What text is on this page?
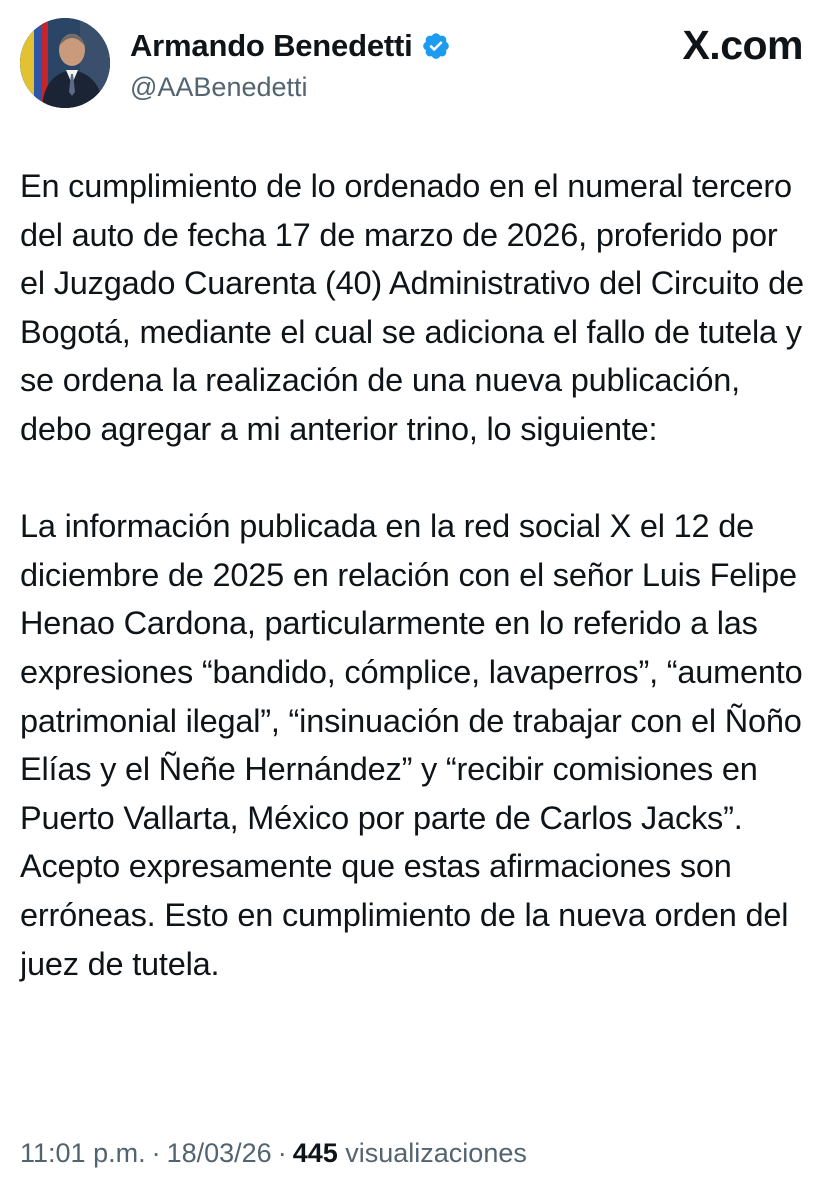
Armando Benedetti
@AABenedetti
X.com

En cumplimiento de lo ordenado en el numeral tercero del auto de fecha 17 de marzo de 2026, proferido por el Juzgado Cuarenta (40) Administrativo del Circuito de Bogotá, mediante el cual se adiciona el fallo de tutela y se ordena la realización de una nueva publicación, debo agregar a mi anterior trino, lo siguiente:

La información publicada en la red social X el 12 de diciembre de 2025 en relación con el señor Luis Felipe Henao Cardona, particularmente en lo referido a las expresiones “bandido, cómplice, lavaperros”, “aumento patrimonial ilegal”, “insinuación de trabajar con el Ñoño Elías y el Ñeñe Hernández” y “recibir comisiones en Puerto Vallarta, México por parte de Carlos Jacks”. Acepto expresamente que estas afirmaciones son erróneas. Esto en cumplimiento de la nueva orden del juez de tutela.

11:01 p.m. · 18/03/26 · 445 visualizaciones
